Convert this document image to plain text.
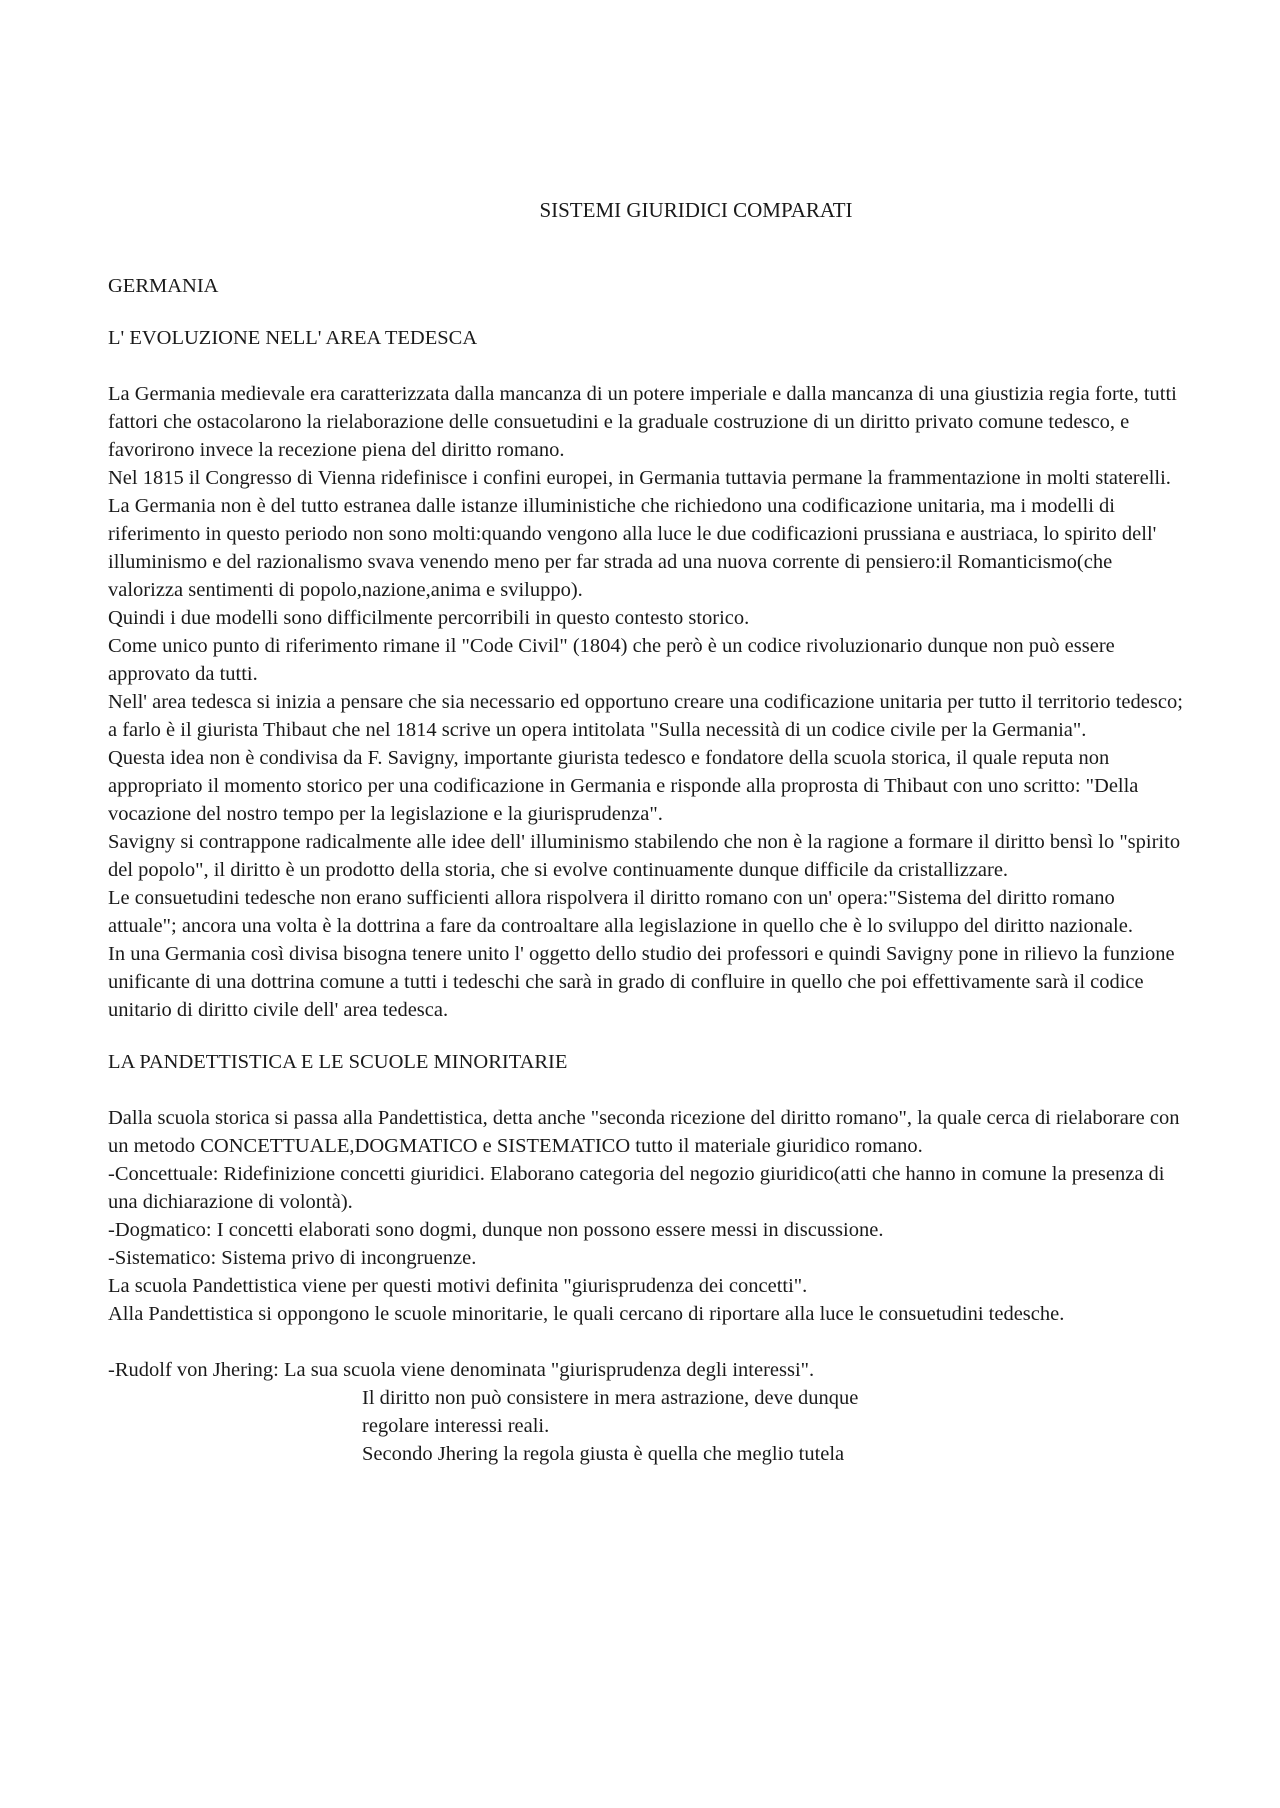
SISTEMI GIURIDICI COMPARATI

GERMANIA

L' EVOLUZIONE NELL' AREA TEDESCA

La Germania medievale era caratterizzata dalla mancanza di un potere imperiale e dalla mancanza di una giustizia regia forte, tutti fattori che ostacolarono la rielaborazione delle consuetudini e la graduale costruzione di un diritto privato comune tedesco, e favorirono invece la recezione piena del diritto romano.

Nel 1815 il Congresso di Vienna ridefinisce i confini europei, in Germania tuttavia permane la frammentazione in molti staterelli.

La Germania non è del tutto estranea dalle istanze illuministiche che richiedono una codificazione unitaria, ma i modelli di riferimento in questo periodo non sono molti:quando vengono alla luce le due codificazioni prussiana e austriaca, lo spirito dell' illuminismo e del razionalismo svava venendo meno per far strada ad una nuova corrente di pensiero:il Romanticismo(che valorizza sentimenti di popolo,nazione,anima e sviluppo).

Quindi i due modelli sono difficilmente percorribili in questo contesto storico.

Come unico punto di riferimento rimane il "Code Civil" (1804) che però è un codice rivoluzionario dunque non può essere approvato da tutti.

Nell' area tedesca si inizia a pensare che sia necessario ed opportuno creare una codificazione unitaria per tutto il territorio tedesco; a farlo è il giurista Thibaut che nel 1814 scrive un opera intitolata "Sulla necessità di un codice civile per la Germania".

Questa idea non è condivisa da F. Savigny, importante giurista tedesco e fondatore della scuola storica, il quale reputa non appropriato il momento storico per una codificazione in Germania e risponde alla proprosta di Thibaut con uno scritto: "Della vocazione del nostro tempo per la legislazione e la giurisprudenza".

Savigny si contrappone radicalmente alle idee dell' illuminismo stabilendo che non è la ragione a formare il diritto bensì lo "spirito del popolo", il diritto è un prodotto della storia, che si evolve continuamente dunque difficile da cristallizzare.

Le consuetudini tedesche non erano sufficienti allora rispolvera il diritto romano con un' opera:"Sistema del diritto romano attuale"; ancora una volta è la dottrina a fare da controaltare alla legislazione in quello che è lo sviluppo del diritto nazionale.

In una Germania così divisa bisogna tenere unito l' oggetto dello studio dei professori e quindi Savigny pone in rilievo la funzione unificante di una dottrina comune a tutti i tedeschi che sarà in grado di confluire in quello che poi effettivamente sarà il codice unitario di diritto civile dell' area tedesca.

LA PANDETTISTICA E LE SCUOLE MINORITARIE

Dalla scuola storica si passa alla Pandettistica, detta anche "seconda ricezione del diritto romano", la quale cerca di rielaborare con un metodo CONCETTUALE,DOGMATICO e SISTEMATICO tutto il materiale giuridico romano.

-Concettuale: Ridefinizione concetti giuridici. Elaborano categoria del negozio giuridico(atti che hanno in comune la presenza di una dichiarazione di volontà).

-Dogmatico: I concetti elaborati sono dogmi, dunque non possono essere messi in discussione.

-Sistematico: Sistema privo di incongruenze.

La scuola Pandettistica viene per questi motivi definita "giurisprudenza dei concetti".

Alla Pandettistica si oppongono le scuole minoritarie, le quali cercano di riportare alla luce le consuetudini tedesche.

-Rudolf von Jhering: La sua scuola viene denominata "giurisprudenza degli interessi".

Il diritto non può consistere in mera astrazione, deve dunque

regolare interessi reali.

Secondo Jhering la regola giusta è quella che meglio tutela
